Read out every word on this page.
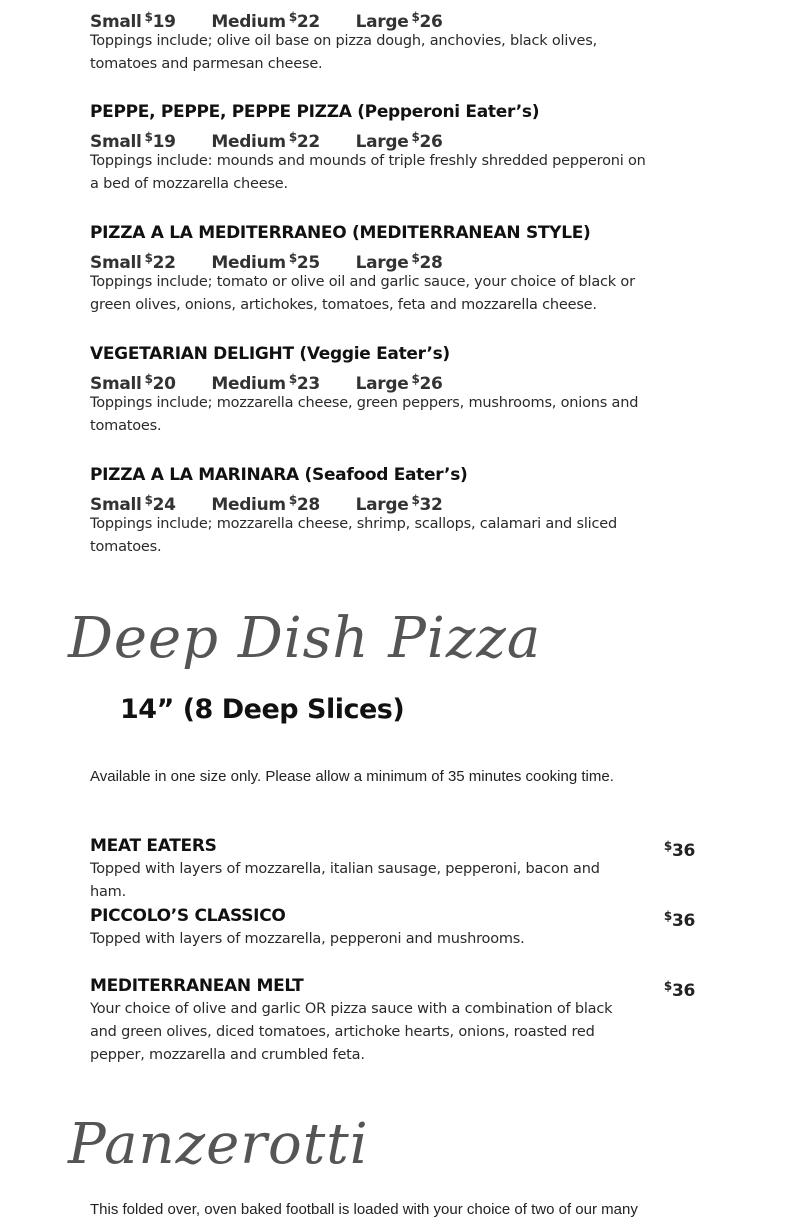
Small $19 Medium $22 Large $26
Toppings include; olive oil base on pizza dough, anchovies, black olives, tomatoes and parmesan cheese.
PEPPE, PEPPE, PEPPE PIZZA (Pepperoni Eater’s)
Small $19 Medium $22 Large $26
Toppings include: mounds and mounds of triple freshly shredded pepperoni on a bed of mozzarella cheese.
PIZZA A LA MEDITERRANEO (MEDITERRANEAN STYLE)
Small $22 Medium $25 Large $28
Toppings include; tomato or olive oil and garlic sauce, your choice of black or green olives, onions, artichokes, tomatoes, feta and mozzarella cheese.
VEGETARIAN DELIGHT (Veggie Eater’s)
Small $20 Medium $23 Large $26
Toppings include; mozzarella cheese, green peppers, mushrooms, onions and tomatoes.
PIZZA A LA MARINARA (Seafood Eater’s)
Small $24 Medium $28 Large $32
Toppings include; mozzarella cheese, shrimp, scallops, calamari and sliced tomatoes.
Deep Dish Pizza
14” (8 Deep Slices)
Available in one size only. Please allow a minimum of 35 minutes cooking time.
MEAT EATERS	$36
Topped with layers of mozzarella, italian sausage, pepperoni, bacon and ham.
PICCOLO’S CLASSICO	$36
Topped with layers of mozzarella, pepperoni and mushrooms.
MEDITERRANEAN MELT	$36
Your choice of olive and garlic OR pizza sauce with a combination of black and green olives, diced tomatoes, artichoke hearts, onions, roasted red pepper, mozzarella and crumbled feta.
Panzerotti
This folded over, oven baked football is loaded with your choice of two of our many
